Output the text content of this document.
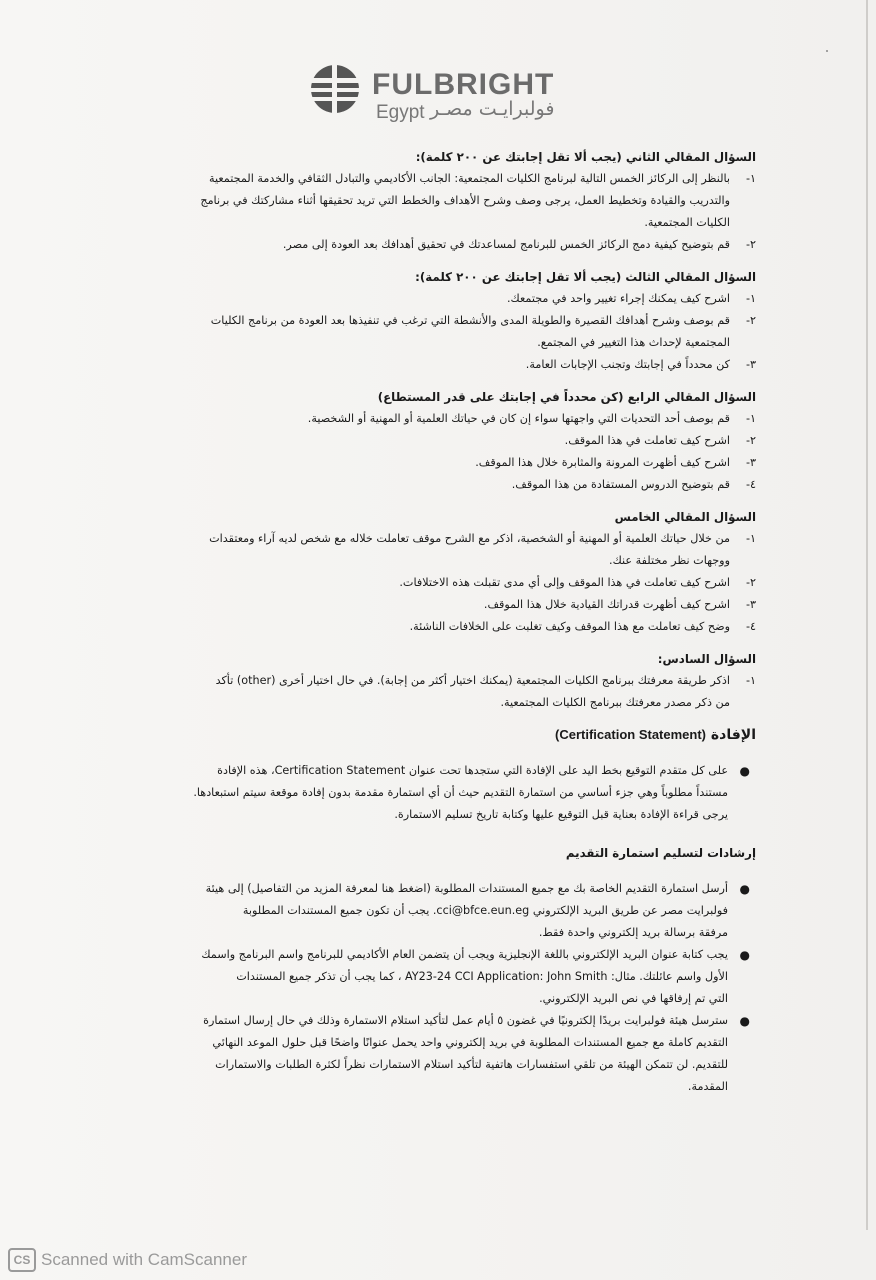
FULBRIGHT
Egypt فولبرايـت مصـر
السؤال المقالي الثاني (يجب ألا تقل إجابتك عن ٢٠٠ كلمة):
١-
بالنظر إلى الركائز الخمس التالية لبرنامج الكليات المجتمعية: الجانب الأكاديمي والتبادل الثقافي والخدمة المجتمعية
والتدريب والقيادة وتخطيط العمل، يرجى وصف وشرح الأهداف والخطط التي تريد تحقيقها أثناء مشاركتك في برنامج
الكليات المجتمعية.
٢-
قم بتوضيح كيفية دمج الركائز الخمس للبرنامج لمساعدتك في تحقيق أهدافك بعد العودة إلى مصر.
السؤال المقالي الثالث (يجب ألا تقل إجابتك عن ٢٠٠ كلمة):
١-
اشرح كيف يمكنك إجراء تغيير واحد في مجتمعك.
٢-
قم بوصف وشرح أهدافك القصيرة والطويلة المدى والأنشطة التي ترغب في تنفيذها بعد العودة من برنامج الكليات
المجتمعية لإحداث هذا التغيير في المجتمع.
٣-
كن محدداً في إجابتك وتجنب الإجابات العامة.
السؤال المقالي الرابع (كن محدداً في إجابتك على قدر المستطاع)
١-
قم بوصف أحد التحديات التي واجهتها سواء إن كان في حياتك العلمية أو المهنية أو الشخصية.
٢-
اشرح كيف تعاملت في هذا الموقف.
٣-
اشرح كيف أظهرت المرونة والمثابرة خلال هذا الموقف.
٤-
قم بتوضيح الدروس المستفادة من هذا الموقف.
السؤال المقالي الخامس
١-
من خلال حياتك العلمية أو المهنية أو الشخصية، اذكر مع الشرح موقف تعاملت خلاله مع شخص لديه آراء ومعتقدات
ووجهات نظر مختلفة عنك.
٢-
اشرح كيف تعاملت في هذا الموقف وإلى أي مدى تقبلت هذه الاختلافات.
٣-
اشرح كيف أظهرت قدراتك القيادية خلال هذا الموقف.
٤-
وضح كيف تعاملت مع هذا الموقف وكيف تغلبت على الخلافات الناشئة.
السؤال السادس:
١-
اذكر طريقة معرفتك ببرنامج الكليات المجتمعية (يمكنك اختيار أكثر من إجابة). في حال اختيار أخرى (other) تأكد
من ذكر مصدر معرفتك ببرنامج الكليات المجتمعية.
الإفادة (Certification Statement)
●
على كل متقدم التوقيع بخط اليد على الإفادة التي ستجدها تحت عنوان Certification Statement، هذه الإفادة
مستنداً مطلوباً وهي جزء أساسي من استمارة التقديم حيث أن أي استمارة مقدمة بدون إفادة موقعة سيتم استبعادها.
يرجى قراءة الإفادة بعناية قبل التوقيع عليها وكتابة تاريخ تسليم الاستمارة.
إرشادات لتسليم استمارة التقديم
●
أرسل استمارة التقديم الخاصة بك مع جميع المستندات المطلوبة (اضغط هنا لمعرفة المزيد من التفاصيل) إلى هيئة
فولبرايت مصر عن طريق البريد الإلكتروني cci@bfce.eun.eg. يجب أن تكون جميع المستندات المطلوبة
مرفقة برسالة بريد إلكتروني واحدة فقط.
●
يجب كتابة عنوان البريد الإلكتروني باللغة الإنجليزية ويجب أن يتضمن العام الأكاديمي للبرنامج واسم البرنامج واسمك
الأول واسم عائلتك. مثال: AY23-24 CCI Application: John Smith ، كما يجب أن تذكر جميع المستندات
التي تم إرفاقها في نص البريد الإلكتروني.
●
سترسل هيئة فولبرايت بريدًا إلكترونيًا في غضون ٥ أيام عمل لتأكيد استلام الاستمارة وذلك في حال إرسال استمارة
التقديم كاملة مع جميع المستندات المطلوبة في بريد إلكتروني واحد يحمل عنوانًا واضحًا قبل حلول الموعد النهائي
للتقديم. لن تتمكن الهيئة من تلقي استفسارات هاتفية لتأكيد استلام الاستمارات نظراً لكثرة الطلبات والاستمارات
المقدمة.
CS Scanned with CamScanner
